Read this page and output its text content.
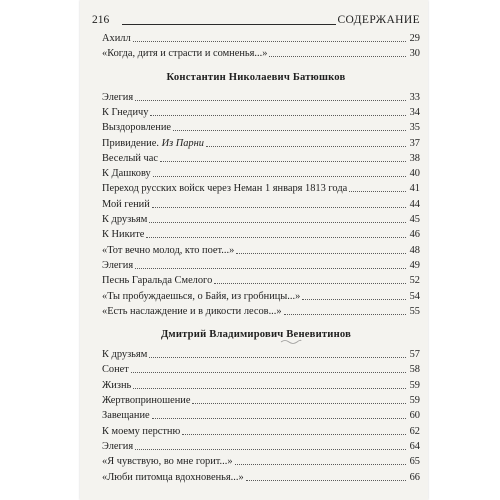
216	СОДЕРЖАНИЕ
Ахилл	29
«Когда, дитя и страсти и сомненья...»	30
Константин Николаевич Батюшков
Элегия	33
К Гнедичу	34
Выздоровление	35
Привидение. Из Парни	37
Веселый час	38
К Дашкову	40
Переход русских войск через Неман 1 января 1813 года	41
Мой гений	44
К друзьям	45
К Никите	46
«Тот вечно молод, кто поет...»	48
Элегия	49
Песнь Гаральда Смелого	52
«Ты пробуждаешься, о Байя, из гробницы...»	54
«Есть наслаждение и в дикости лесов...»	55
Дмитрий Владимирович Веневитинов
К друзьям	57
Сонет	58
Жизнь	59
Жертвоприношение	59
Завещание	60
К моему перстню	62
Элегия	64
«Я чувствую, во мне горит...»	65
«Люби питомца вдохновенья...»	66
